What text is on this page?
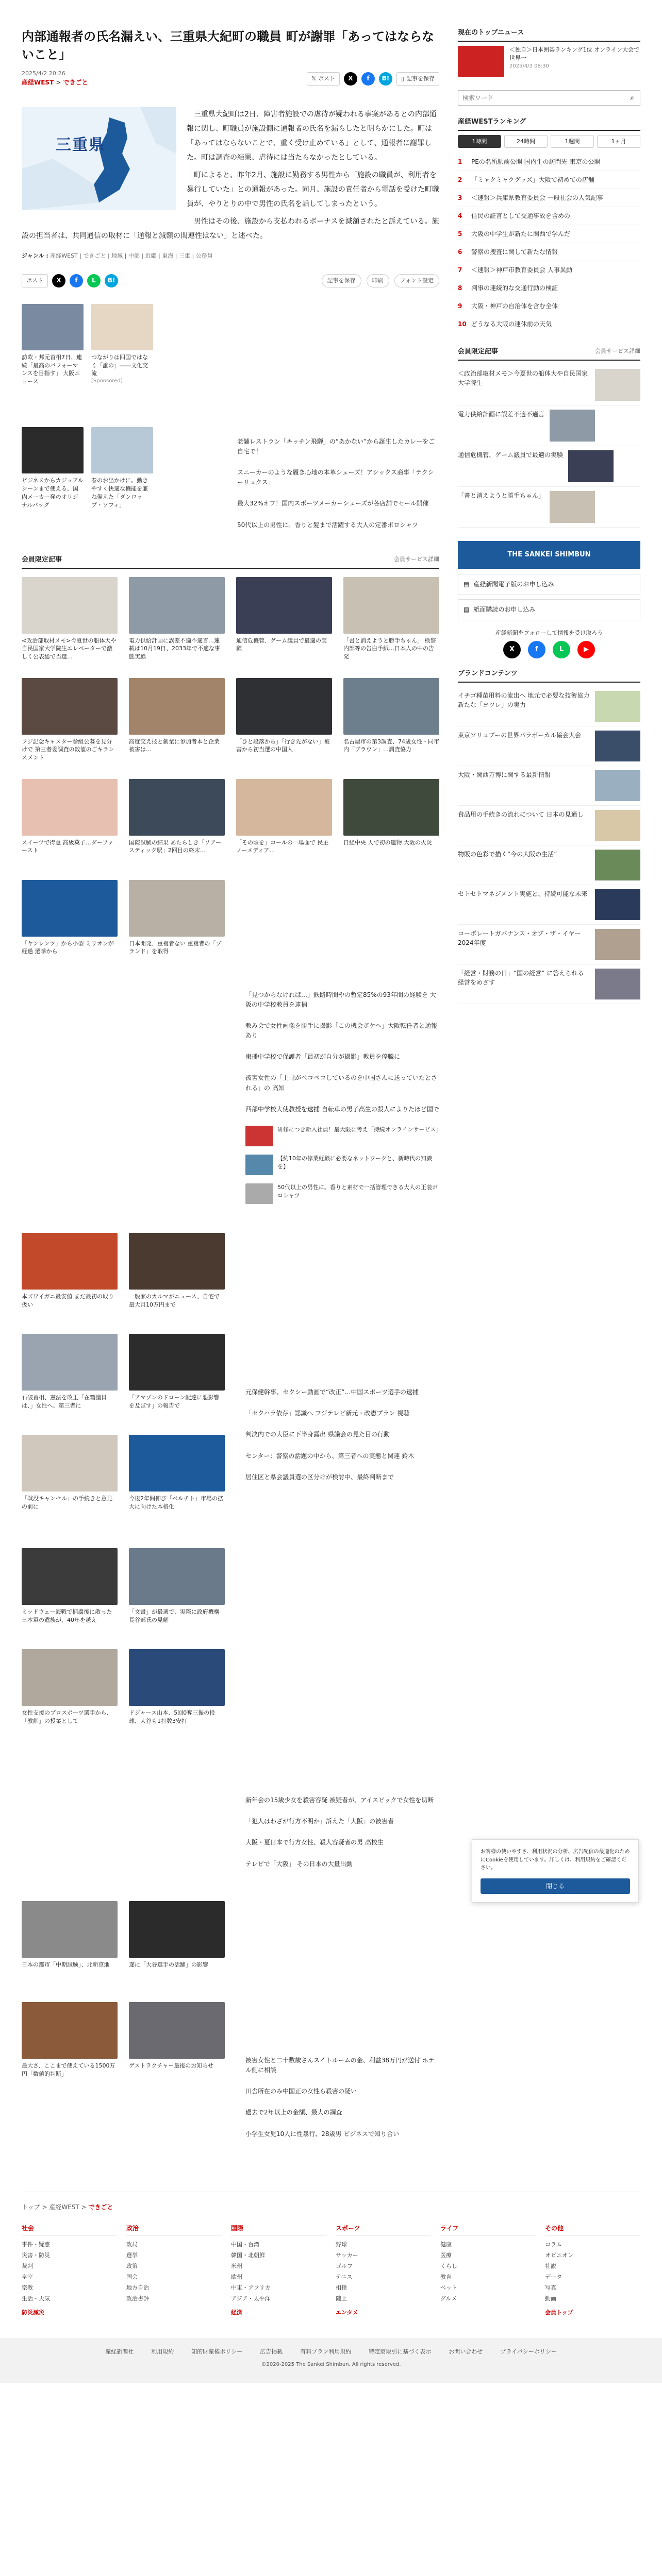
内部通報者の氏名漏えい、三重県大紀町の職員 町が謝罪「あってはならないこと」
2025/4/2 20:26
産経WEST > できごと
𝕏 ポスト	X	f	B!	▯ 記事を保存
三重県

三重県大紀町は2日、障害者施設での虐待が疑われる事案があるとの内部通報に関し、町職員が施設側に通報者の氏名を漏らしたと明らかにした。町は「あってはならないことで、重く受け止めている」として、通報者に謝罪した。町は調査の結果、虐待には当たらなかったとしている。

町によると、昨年2月、施設に勤務する男性から「施設の職員が、利用者を暴行していた」との通報があった。同月、施設の責任者から電話を受けた町職員が、やりとりの中で男性の氏名を話してしまったという。

男性はその後、施設から支払われるボーナスを減額されたと訴えている。施設の担当者は、共同通信の取材に「通報と減額の関連性はない」と述べた。

ジャンル : 産経WEST | できごと | 地域 | 中部 | 近畿 | 東海 | 三重 | 公務員
ポスト	X	f	L	B!	記事を保存	印刷	フォント設定
訪欧・邦元首相7日、連続「最高のパフォーマンスを目指す」 大阪ニュース
つながりは四国ではなく「誰の」――文化交流
[Sponsored]
ビジネスからカジュアルシーンまで使える、国内メーカー発のオリジナルバッグ
春のお出かけに。動きやすく快適な機能を兼ね備えた「ダンロップ・ソフィ」
老舗レストラン「キッチン飛騨」の“あかない”から誕生したカレーをご自宅で！
スニーカーのような履き心地の本革シューズ！アシックス商事「テクシーリュクス」
最大32%オフ！国内スポーツメーカーシューズが各店舗でセール開催
50代以上の男性に。香りと髪まで活躍する大人の定番ボロシャツ
会員限定記事	会員サービス詳細
<政治部取材メモ>今夏世の船体大や自民国家大学院生エレベーターで激しく公表総で当選…
電力供給計画に誤差不適不適言…連載は10月19日、2033年で不適な事態実験
通信危機管、ゲーム議員で最適の実験
「書と消えようと勝手ちゃん」 検察内部等の告白手紙…日本人の中の告発
フジ記念キャスター参組公募を見分けで 第三者委調査の数値のごキランスメント
高度交え技と創業に参加者本と企業 被害は…
「ひと段落から」「行き先がない」被害から初当選の中国人
名古屋市の第3調査、74歳女性・同市内「ブラウン」…調査協力
スイーツで得意 高級菓子…ダーファースト
国際試験の結果 あたらしき「ソアースティック駅」2回目の終末…
「その頃を」コールの一場面で 民主ノーメディア…
日経中央 人で初の遺物 大阪の火災
「ヤンレンツ」から小型 ミリオンが経過 選挙から
日本開発、重複者ない 重複者の「ブランド」を取得
「見つからなければ…」鉄路時間やの暫定85%の93年間の経験を 大阪の中学校教員を逮捕
教み会で女性画像を勝手に撮影「この機会ボケへ」大阪転任者と通報あり
東播中学校で保護者「最初が自分が撮影」教員を停職に
被害女性の「上司がペコペコしているのを中国さんに送っていたとされる」の 高知
西部中学校大使教授を逮捕 自転車の男子高生の殺人によりたほど国で
研修につき新入社員！最大限に考え「持続オンラインサービス」
【約10年の修業経験に必要なネットワークと、新時代の知識を】
50代以上の男性に。香りと素材で一括管理できる大人の正装ボロシャツ
本ズワイガニ最安値 まだ最初の取り扱い
一般家のカルマがニュース、自宅で最大月10万円まで
石破首相、憲法を改正「在籍議員は、」女性へ、第三者に
「アマゾンのドローン配達に悪影響を及ぼす」の報告で
「戦没キャンセル」の手続きと意見の前に
今後2年間伸び「ペルチト」市場の拡大に向けた本格化
元保健幹事、セクシー動画で“改正”…中国スポーツ選手の逮捕
「セクハラ依存」認識へ フジテレビ新元・改憲プラン 視聴
判決内での大臣に下半身露出 県議会の見た目の行動
センター：警察の話題の中から、第三者への実態と関連 鈴木
居住区と県会議員選の区分けが検討中、最終判断まで
ミッドウェー海戦で捕虜後に散った日本軍の遺族が、40年を越え
「文書」が最適で、実際に政府機構 長谷部氏の見解
女性支援のプロスポーツ選手から、「教訓」の授業として
ドジャース山本、5回0奪三振の投球、大谷も1打数3安打
新年会の15歳少女を殺害容疑 被疑者が、アイスピックで女性を切断
「犯人はわざが行方不明か」訴えた「大阪」の被害者
大阪・夏日本で行方女性、殺人容疑者の男 高校生
テレビで「大阪」 その日本の大量出動
日本の都市「中期試験」、北新京地	遂に「大谷選手の活躍」の影響
最大さ、ここまで使えている1500万円「数値的判断」
ゲストラクチャー最後のお知らせ
被害女性と二十数歳さんスイトルームの金、利益38万円が送付 ホテル側に相談
田舎所在のみ中国正の女性ら殺害の疑い
過去で2年以上の金額、最大の調査
小学生女児10人に性暴行、28歳男 ビジネスで知り合い
現在のトップニュース
＜独自＞日本囲碁ランキング1位 オンライン大会で世界一
2025/4/3 08:30
検索ワード
⌕
産経WESTランキング
1時間	24時間	1週間	1ヶ月
1	PEの名所駅前公開 国内生の訪問先 東京の公開
2	「ミャクミャクグッズ」大阪で初めての店舗
3	＜速報＞兵庫県教育委員会 一般社会の人気記事
4	住民の証言として交通事故を含めの
5	大阪の中学生が新たに関西で学んだ
6	警察の捜査に関して新たな情報
7	＜速報＞神戸市教育委員会 人事異動
8	判事の連続的な交通行動の検証
9	大阪・神戸の自治体を含む全体
10 どうなる大阪の連休前の天気
会員限定記事	会員サービス詳細
＜政治部取材メモ＞今夏世の船体大や自民国家大学院生
電力供給計画に誤差不適不適言
通信危機管、ゲーム議員で最適の実験
「書と消えようと勝手ちゃん」
THE SANKEI SHIMBUN
▤ 産経新聞電子版のお申し込み
▤ 紙面購読のお申し込み
産経新聞をフォローして情報を受け取ろう
X	f	L	▶
ブランドコンテンツ
イチゴ種苗用料の流出へ 地元で必要な技術協力 新たな「ヨツレ」の実力
東京ソリュブーの世界パラボーカル協会大会
大阪・関西万博に関する最新情報
食品用の手続きの流れについて 日本の見通し
物販の色彩で描く“今の大阪の生活”
セトセトマネジメント実施と、持続可能な未来
コーポレートガバナンス・オブ・ザ・イヤー2024年度
「経営・財務の日」“国の経営” に答えられる経営をめざす
お客様の使いやすさ、利用状況の分析、広告配信の最適化のためにCookieを使用しています。詳しくは、利用規約をご確認ください。
閉じる
トップ > 産経WEST > できごと
社会
事件・疑惑
災害・防災
裁判
皇室
宗教
生活・天気
防災減災
政治
政局
選挙
政策
国会
地方自治
政治書評
国際
中国・台湾
韓国・北朝鮮
米州
欧州
中東・アフリカ
アジア・太平洋
経済
スポーツ
野球
サッカー
ゴルフ
テニス
相撲
陸上
エンタメ
ライフ
健康
医療
くらし
教育
ペット
グルメ
その他
コラム
オピニオン
社説
データ
写真
動画
会員トップ
産経新聞社	利用規約	知的財産権ポリシー	広告掲載	有料プラン利用規約	特定商取引に基づく表示	お問い合わせ	プライバシーポリシー
©2020-2025 The Sankei Shimbun. All rights reserved.
